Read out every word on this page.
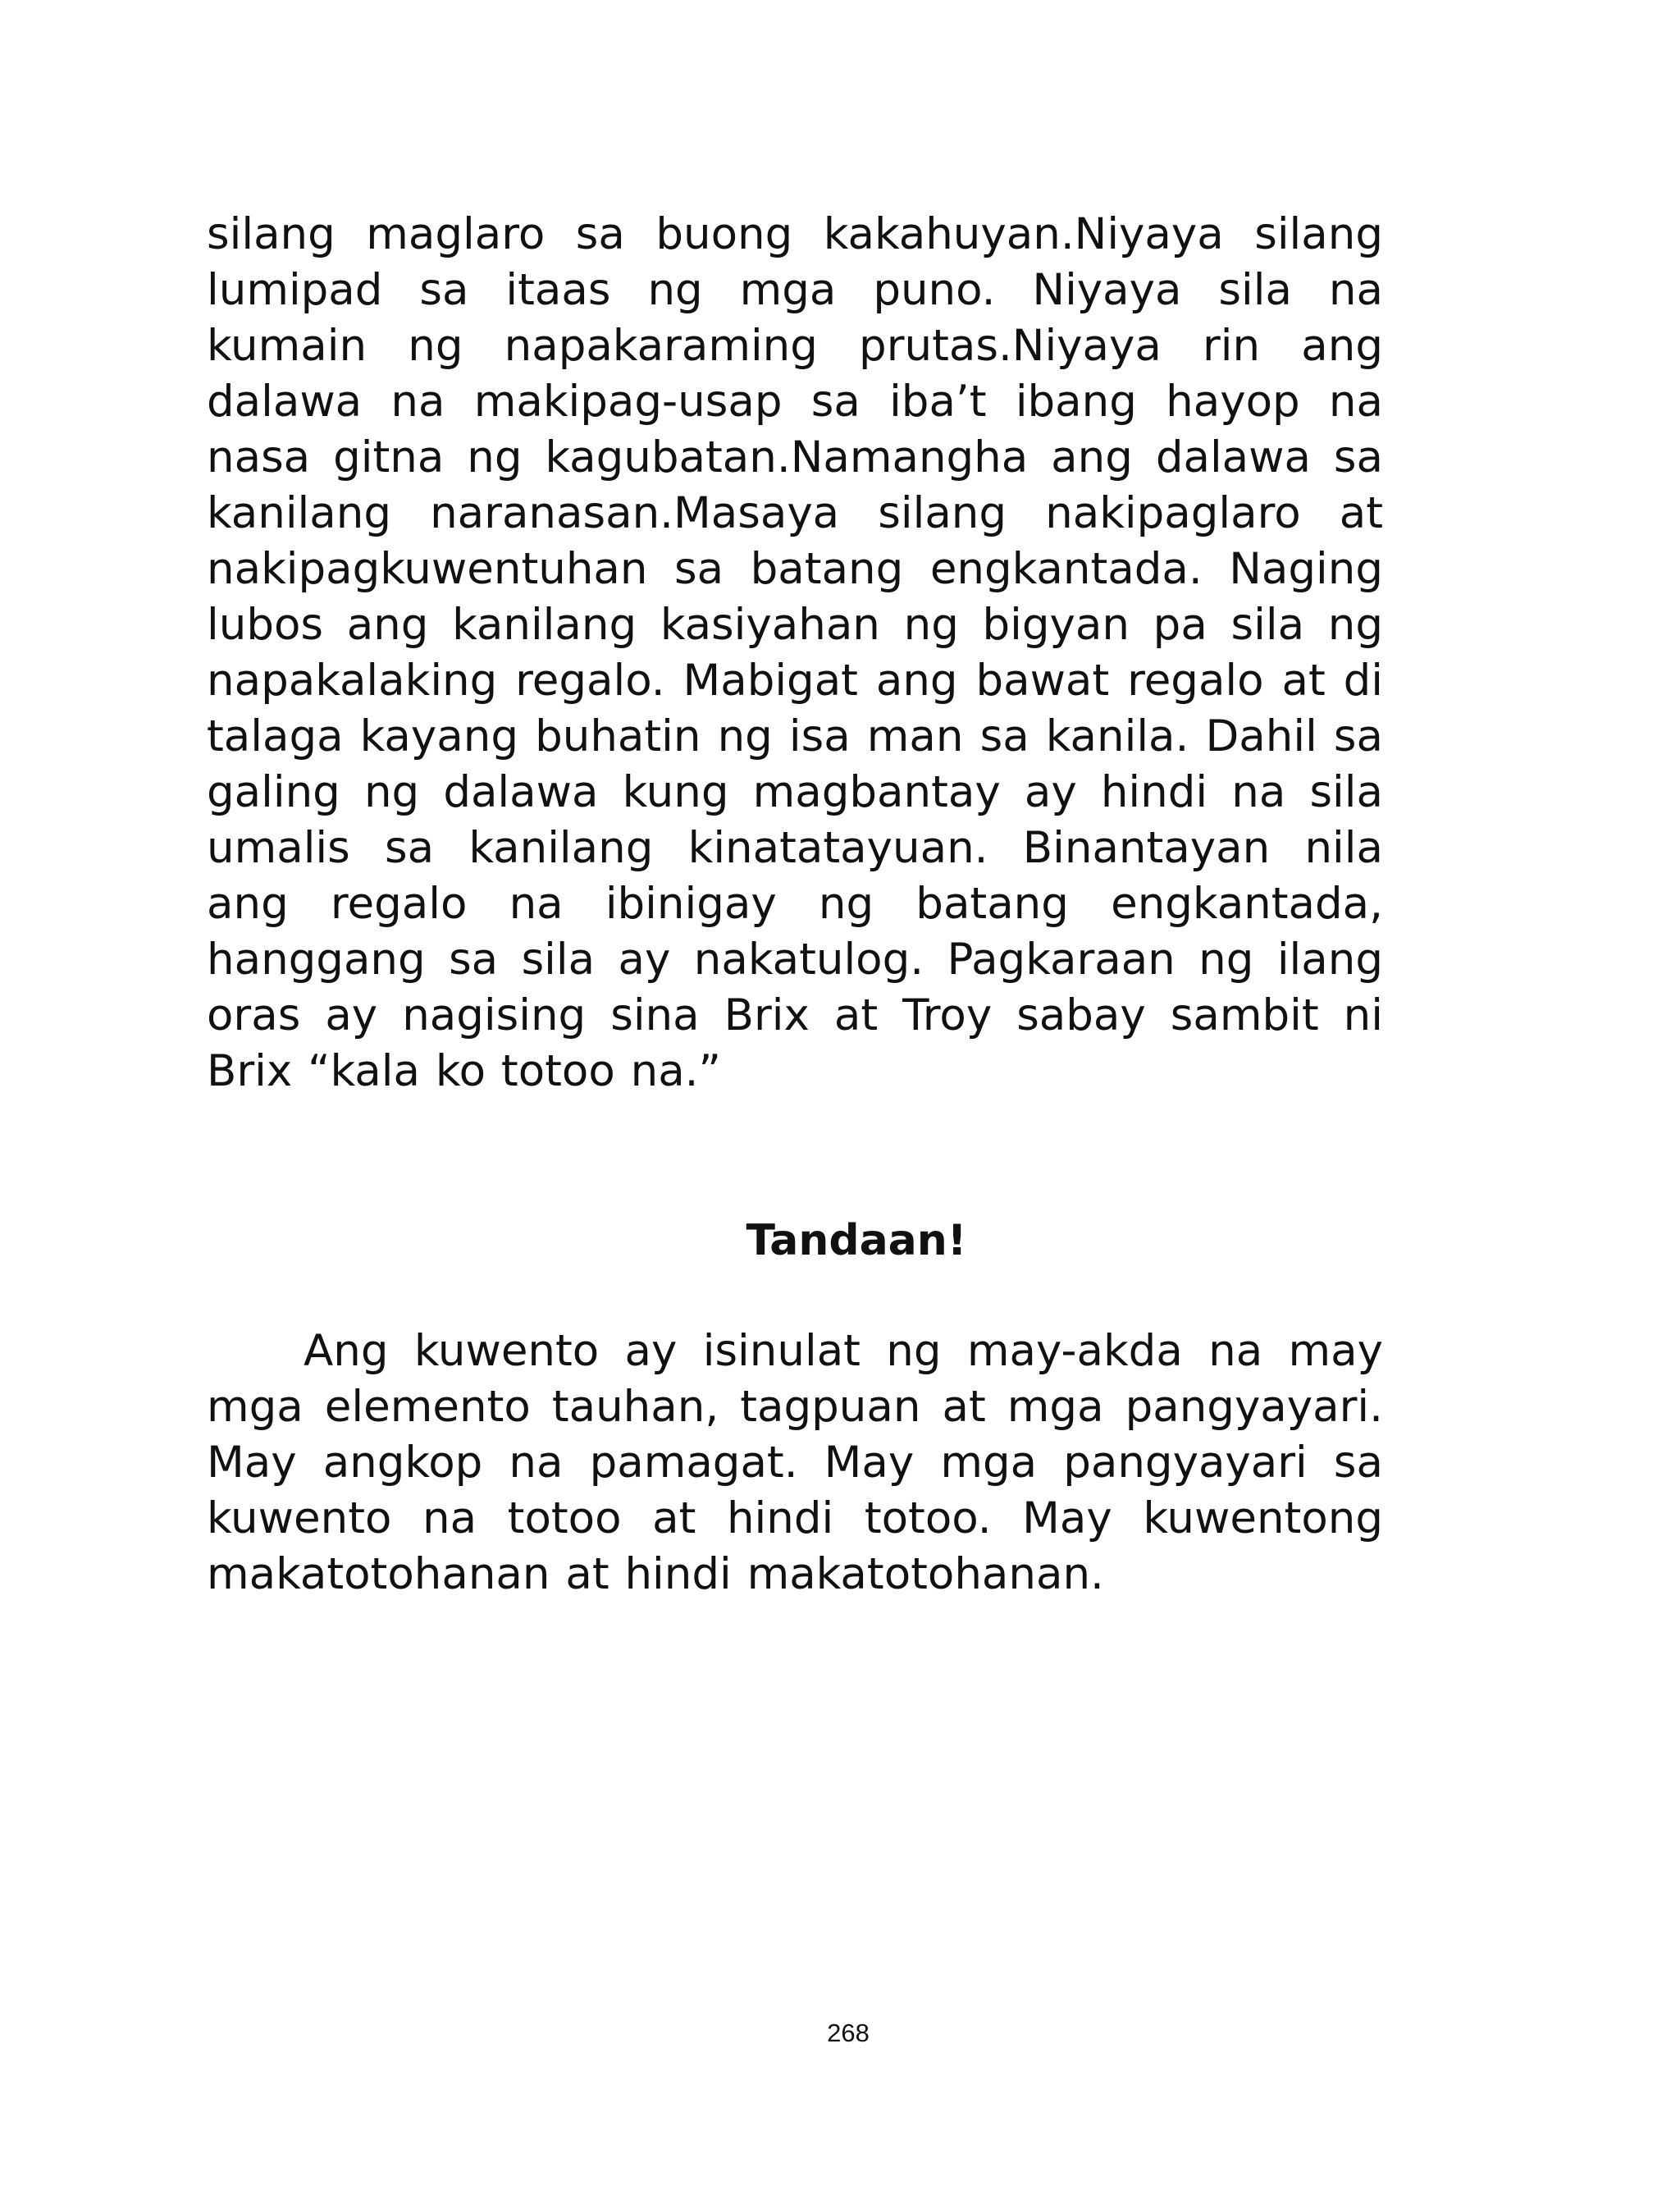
silang maglaro sa buong kakahuyan.Niyaya silang lumipad sa itaas ng mga puno. Niyaya sila na kumain ng napakaraming prutas.Niyaya rin ang dalawa na makipag-usap sa iba’t ibang hayop na nasa gitna ng kagubatan.Namangha ang dalawa sa kanilang naranasan.Masaya silang nakipaglaro at nakipagkuwentuhan sa batang engkantada. Naging lubos ang kanilang kasiyahan ng bigyan pa sila ng napakalaking regalo. Mabigat ang bawat regalo at di talaga kayang buhatin ng isa man sa kanila. Dahil sa galing ng dalawa kung magbantay ay hindi na sila umalis sa kanilang kinatatayuan. Binantayan nila ang regalo na ibinigay ng batang engkantada, hanggang sa sila ay nakatulog. Pagkaraan ng ilang oras ay nagising sina Brix at Troy sabay sambit ni Brix “kala ko totoo na.”

Tandaan!

Ang kuwento ay isinulat ng may-akda na may mga elemento tauhan, tagpuan at mga pangyayari. May angkop na pamagat. May mga pangyayari sa kuwento na totoo at hindi totoo. May kuwentong makatotohanan at hindi makatotohanan.

268
